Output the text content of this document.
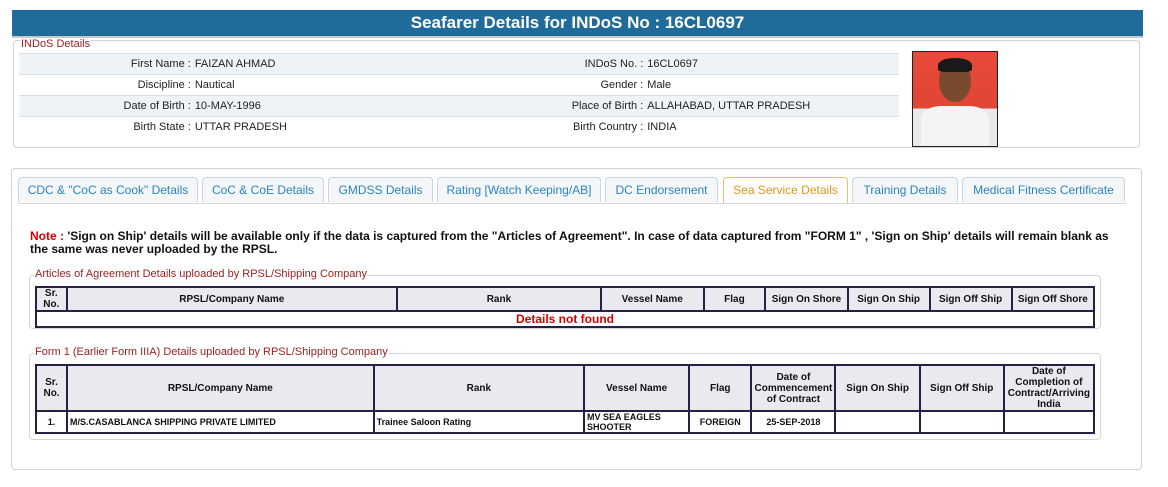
Seafarer Details for INDoS No : 16CL0697
INDoS Details
First Name :	FAIZAN AHMAD	INDoS No. :	16CL0697
Discipline :	Nautical	Gender :	Male
Date of Birth :	10-MAY-1996	Place of Birth :	ALLAHABAD, UTTAR PRADESH
Birth State :	UTTAR PRADESH	Birth Country :	INDIA
CDC & "CoC as Cook" Details	CoC & CoE Details	GMDSS Details	Rating [Watch Keeping/AB]	DC Endorsement	Sea Service Details	Training Details	Medical Fitness Certificate
Note : 'Sign on Ship' details will be available only if the data is captured from the "Articles of Agreement". In case of data captured from "FORM 1" , 'Sign on Ship' details will remain blank as the same was never uploaded by the RPSL.
Articles of Agreement Details uploaded by RPSL/Shipping Company
Sr. No.	RPSL/Company Name	Rank	Vessel Name	Flag	Sign On Shore	Sign On Ship	Sign Off Ship	Sign Off Shore
Details not found
Form 1 (Earlier Form IIIA) Details uploaded by RPSL/Shipping Company
Sr. No.	RPSL/Company Name	Rank	Vessel Name	Flag	Date of Commencement of Contract	Sign On Ship	Sign Off Ship	Date of Completion of Contract/Arriving India
1.	M/S.CASABLANCA SHIPPING PRIVATE LIMITED	Trainee Saloon Rating	MV SEA EAGLES SHOOTER	FOREIGN	25-SEP-2018			
